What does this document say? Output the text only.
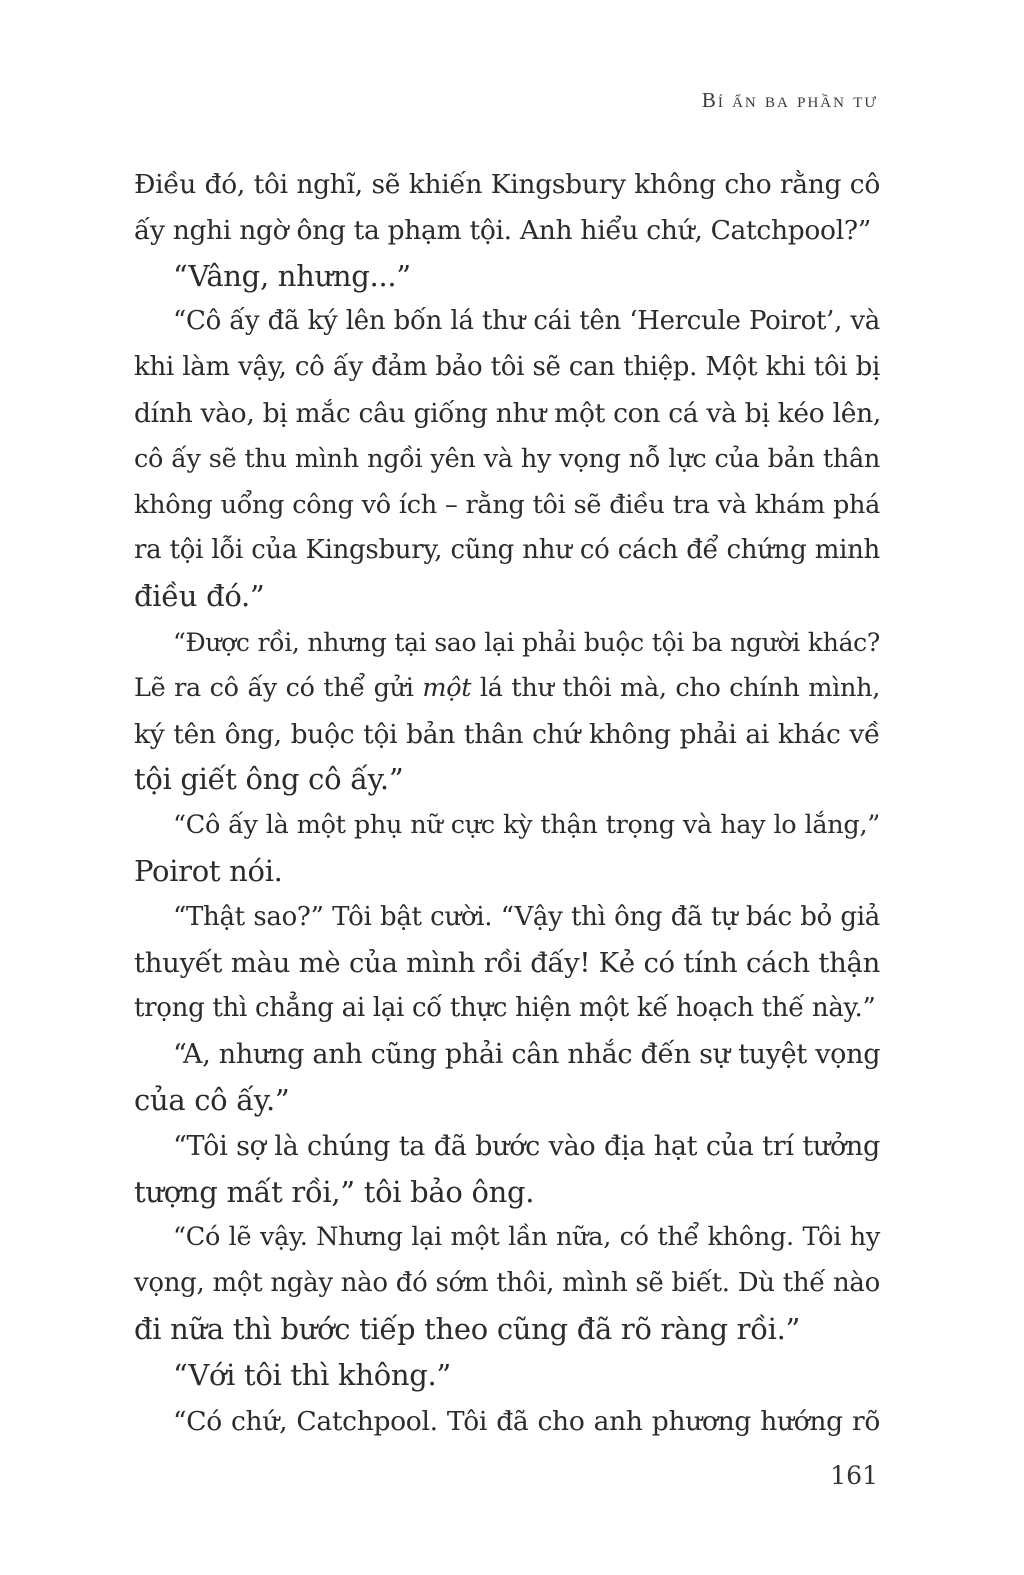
Bí ẩn ba phần tư
Điều đó, tôi nghĩ, sẽ khiến Kingsbury không cho rằng cô
ấy nghi ngờ ông ta phạm tội. Anh hiểu chứ, Catchpool?”
“Vâng, nhưng...”
“Cô ấy đã ký lên bốn lá thư cái tên ‘Hercule Poirot’, và
khi làm vậy, cô ấy đảm bảo tôi sẽ can thiệp. Một khi tôi bị
dính vào, bị mắc câu giống như một con cá và bị kéo lên,
cô ấy sẽ thu mình ngồi yên và hy vọng nỗ lực của bản thân
không uổng công vô ích – rằng tôi sẽ điều tra và khám phá
ra tội lỗi của Kingsbury, cũng như có cách để chứng minh
điều đó.”
“Được rồi, nhưng tại sao lại phải buộc tội ba người khác?
Lẽ ra cô ấy có thể gửi một lá thư thôi mà, cho chính mình,
ký tên ông, buộc tội bản thân chứ không phải ai khác về
tội giết ông cô ấy.”
“Cô ấy là một phụ nữ cực kỳ thận trọng và hay lo lắng,”
Poirot nói.
“Thật sao?” Tôi bật cười. “Vậy thì ông đã tự bác bỏ giả
thuyết màu mè của mình rồi đấy! Kẻ có tính cách thận
trọng thì chẳng ai lại cố thực hiện một kế hoạch thế này.”
“A, nhưng anh cũng phải cân nhắc đến sự tuyệt vọng
của cô ấy.”
“Tôi sợ là chúng ta đã bước vào địa hạt của trí tưởng
tượng mất rồi,” tôi bảo ông.
“Có lẽ vậy. Nhưng lại một lần nữa, có thể không. Tôi hy
vọng, một ngày nào đó sớm thôi, mình sẽ biết. Dù thế nào
đi nữa thì bước tiếp theo cũng đã rõ ràng rồi.”
“Với tôi thì không.”
“Có chứ, Catchpool. Tôi đã cho anh phương hướng rõ
161
